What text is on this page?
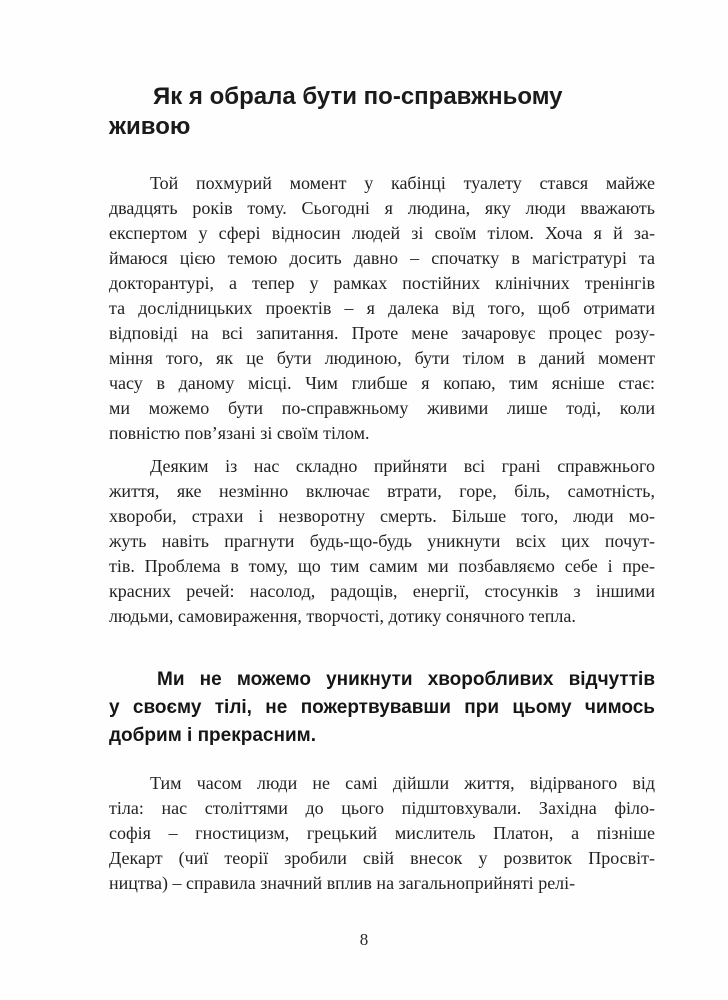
Як я обрала бути по-справжньому
живою
Той похмурий момент у кабінці туалету стався майже
двадцять років тому. Сьогодні я людина, яку люди вважають
експертом у сфері відносин людей зі своїм тілом. Хоча я й за-
ймаюся цією темою досить давно – спочатку в магістратурі та
докторантурі, а тепер у рамках постійних клінічних тренінгів
та дослідницьких проектів – я далека від того, щоб отримати
відповіді на всі запитання. Проте мене зачаровує процес розу-
міння того, як це бути людиною, бути тілом в даний момент
часу в даному місці. Чим глибше я копаю, тим ясніше стає:
ми можемо бути по-справжньому живими лише тоді, коли
повністю пов’язані зі своїм тілом.
Деяким із нас складно прийняти всі грані справжнього
життя, яке незмінно включає втрати, горе, біль, самотність,
хвороби, страхи і незворотну смерть. Більше того, люди мо-
жуть навіть прагнути будь-що-будь уникнути всіх цих почут-
тів. Проблема в тому, що тим самим ми позбавляємо себе і пре-
красних речей: насолод, радощів, енергії, стосунків з іншими
людьми, самовираження, творчості, дотику сонячного тепла.
Ми не можемо уникнути хворобливих відчуттів
у своєму тілі, не пожертвувавши при цьому чимось
добрим і прекрасним.
Тим часом люди не самі дійшли життя, відірваного від
тіла: нас століттями до цього підштовхували. Західна філо-
софія – гностицизм, грецький мислитель Платон, а пізніше
Декарт (чиї теорії зробили свій внесок у розвиток Просвіт-
ництва) – справила значний вплив на загальноприйняті релі-
8
